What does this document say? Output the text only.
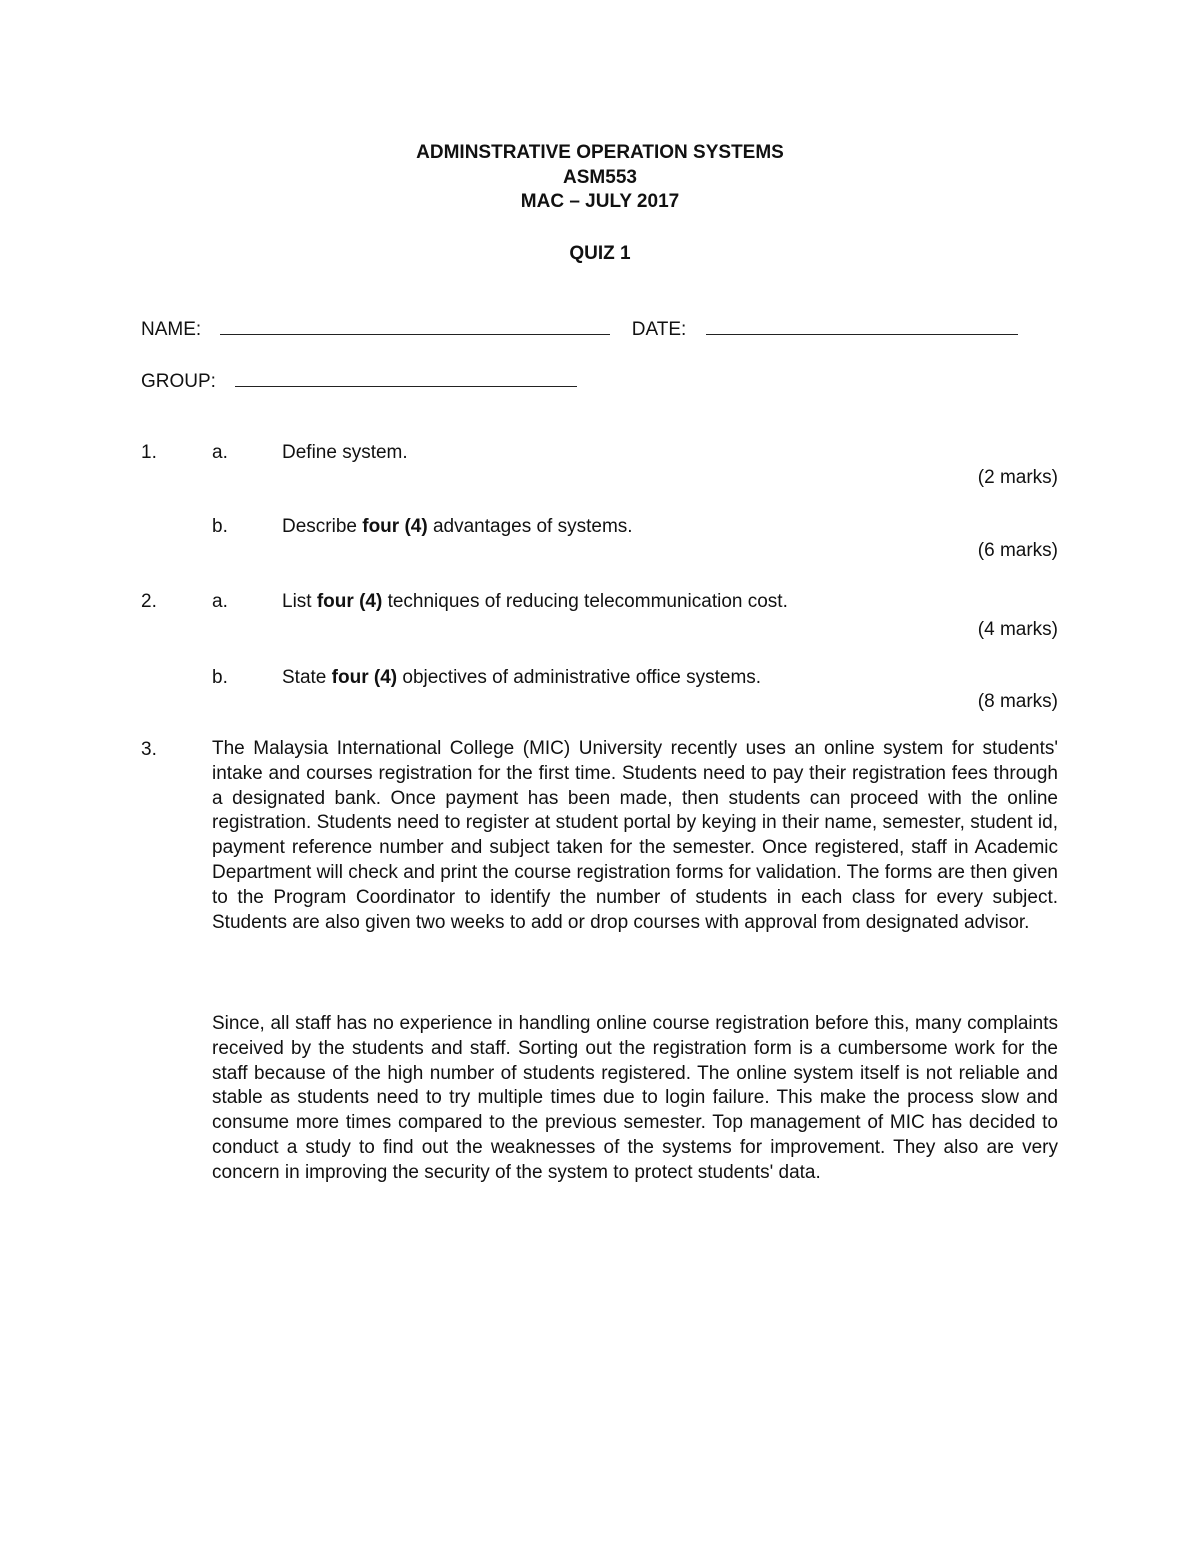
ADMINSTRATIVE OPERATION SYSTEMS
ASM553
MAC – JULY 2017
QUIZ 1
NAME:	DATE:
GROUP:
1.	a.	Define system.
(2 marks)
b.	Describe four (4) advantages of systems.
(6 marks)
2.	a.	List four (4) techniques of reducing telecommunication cost.
(4 marks)
b.	State four (4) objectives of administrative office systems.
(8 marks)
3.	The Malaysia International College (MIC) University recently uses an online system for students' intake and courses registration for the first time. Students need to pay their registration fees through a designated bank. Once payment has been made, then students can proceed with the online registration. Students need to register at student portal by keying in their name, semester, student id, payment reference number and subject taken for the semester. Once registered, staff in Academic Department will check and print the course registration forms for validation. The forms are then given to the Program Coordinator to identify the number of students in each class for every subject. Students are also given two weeks to add or drop courses with approval from designated advisor.
Since, all staff has no experience in handling online course registration before this, many complaints received by the students and staff. Sorting out the registration form is a cumbersome work for the staff because of the high number of students registered. The online system itself is not reliable and stable as students need to try multiple times due to login failure. This make the process slow and consume more times compared to the previous semester. Top management of MIC has decided to conduct a study to find out the weaknesses of the systems for improvement. They also are very concern in improving the security of the system to protect students' data.
